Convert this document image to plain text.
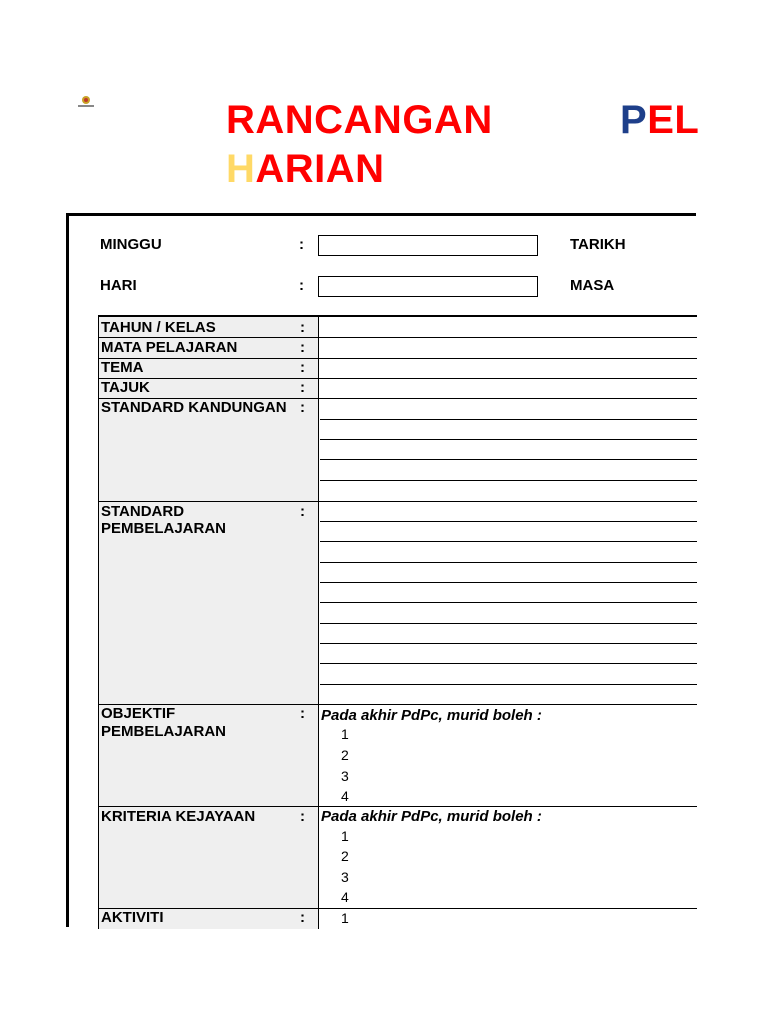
RANCANGAN	PEL
HARIAN
MINGGU	:	TARIKH
HARI	:	MASA
TAHUN / KELAS	:
MATA PELAJARAN	:
TEMA	:
TAJUK	:
STANDARD KANDUNGAN :
STANDARD
PEMBELAJARAN
:
OBJEKTIF
PEMBELAJARAN
: Pada akhir PdPc, murid boleh :
1
2
3
4
KRITERIA KEJAYAAN	: Pada akhir PdPc, murid boleh :
1
2
3
4
AKTIVITI	:	1
